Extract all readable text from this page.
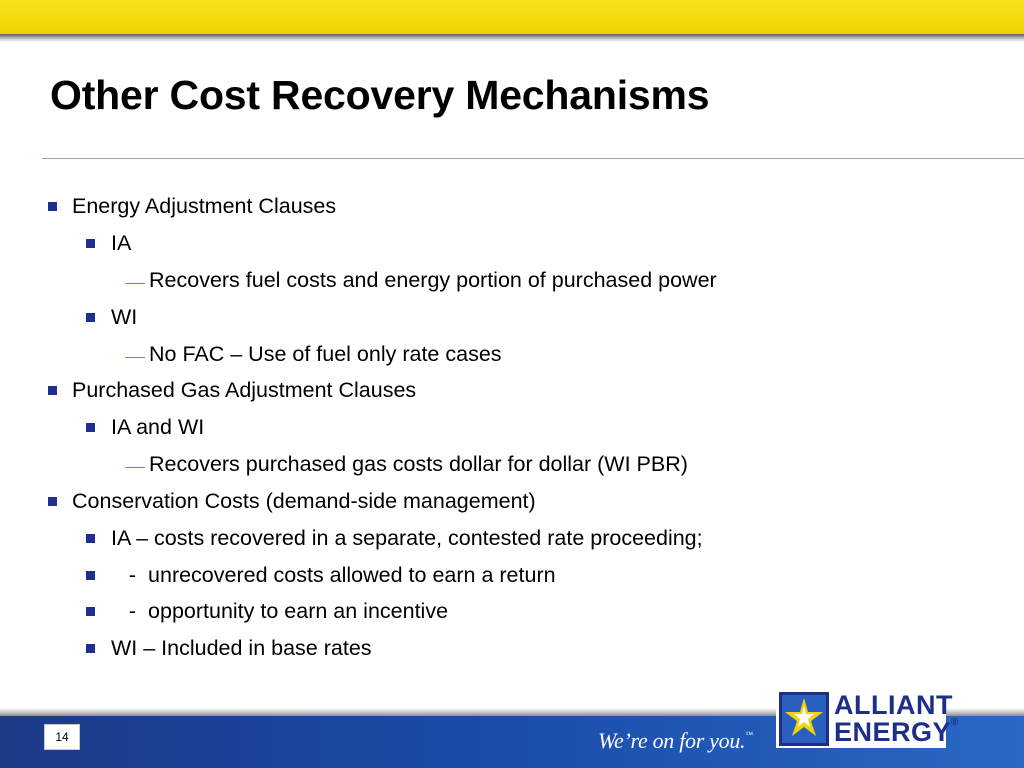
Other Cost Recovery Mechanisms
Energy Adjustment Clauses
IA
Recovers fuel costs and energy portion of purchased power
WI
No FAC – Use of fuel only rate cases
Purchased Gas Adjustment Clauses
IA and WI
Recovers purchased gas costs dollar for dollar (WI PBR)
Conservation Costs (demand-side management)
IA – costs recovered in a separate, contested rate proceeding;
-  unrecovered costs allowed to earn a return
-  opportunity to earn an incentive
WI – Included in base rates
14	We’re on for you.™
ALLIANT
ENERGY®
